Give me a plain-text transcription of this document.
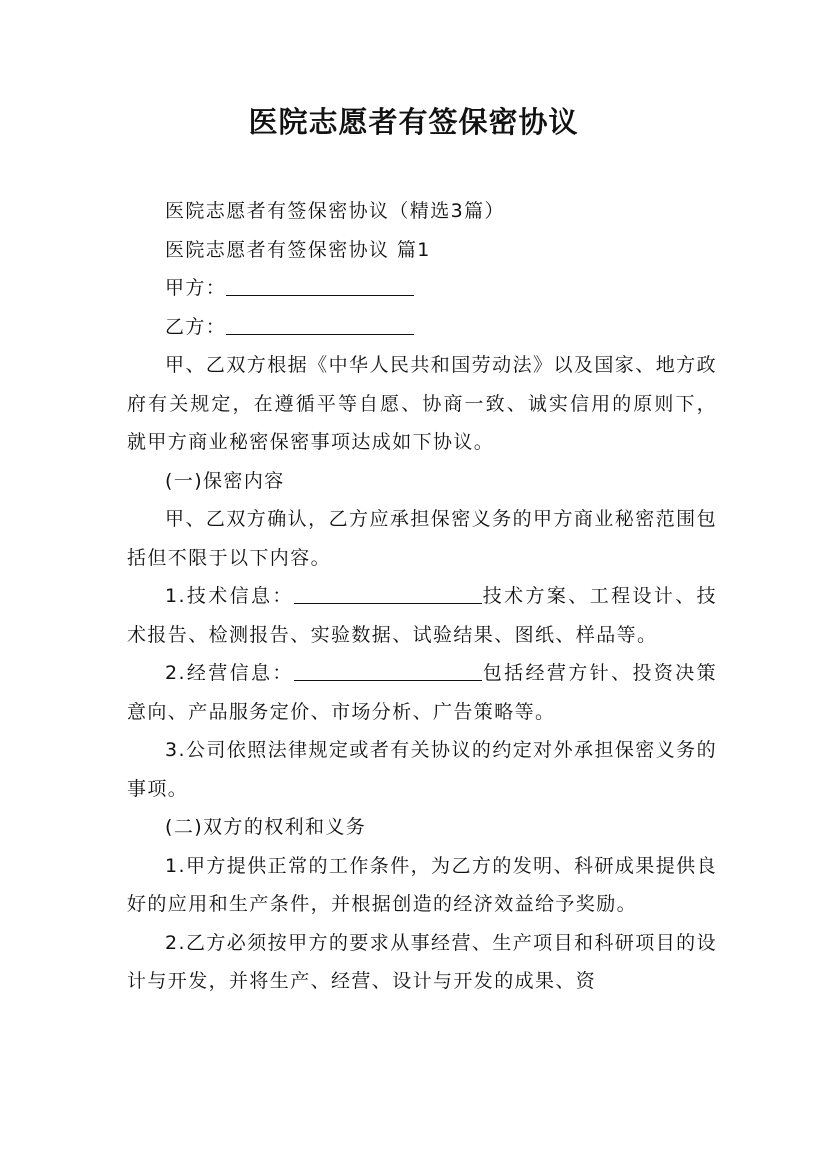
医院志愿者有签保密协议

医院志愿者有签保密协议（精选3篇）

医院志愿者有签保密协议 篇1

甲方：

乙方：

甲、乙双方根据《中华人民共和国劳动法》以及国家、地方政府有关规定，在遵循平等自愿、协商一致、诚实信用的原则下，就甲方商业秘密保密事项达成如下协议。

(一)保密内容

甲、乙双方确认，乙方应承担保密义务的甲方商业秘密范围包括但不限于以下内容。

1.技术信息：	技术方案、工程设计、技术报告、检测报告、实验数据、试验结果、图纸、样品等。

2.经营信息：	包括经营方针、投资决策意向、产品服务定价、市场分析、广告策略等。

3.公司依照法律规定或者有关协议的约定对外承担保密义务的事项。

(二)双方的权利和义务

1.甲方提供正常的工作条件，为乙方的发明、科研成果提供良好的应用和生产条件，并根据创造的经济效益给予奖励。

2.乙方必须按甲方的要求从事经营、生产项目和科研项目的设计与开发，并将生产、经营、设计与开发的成果、资
